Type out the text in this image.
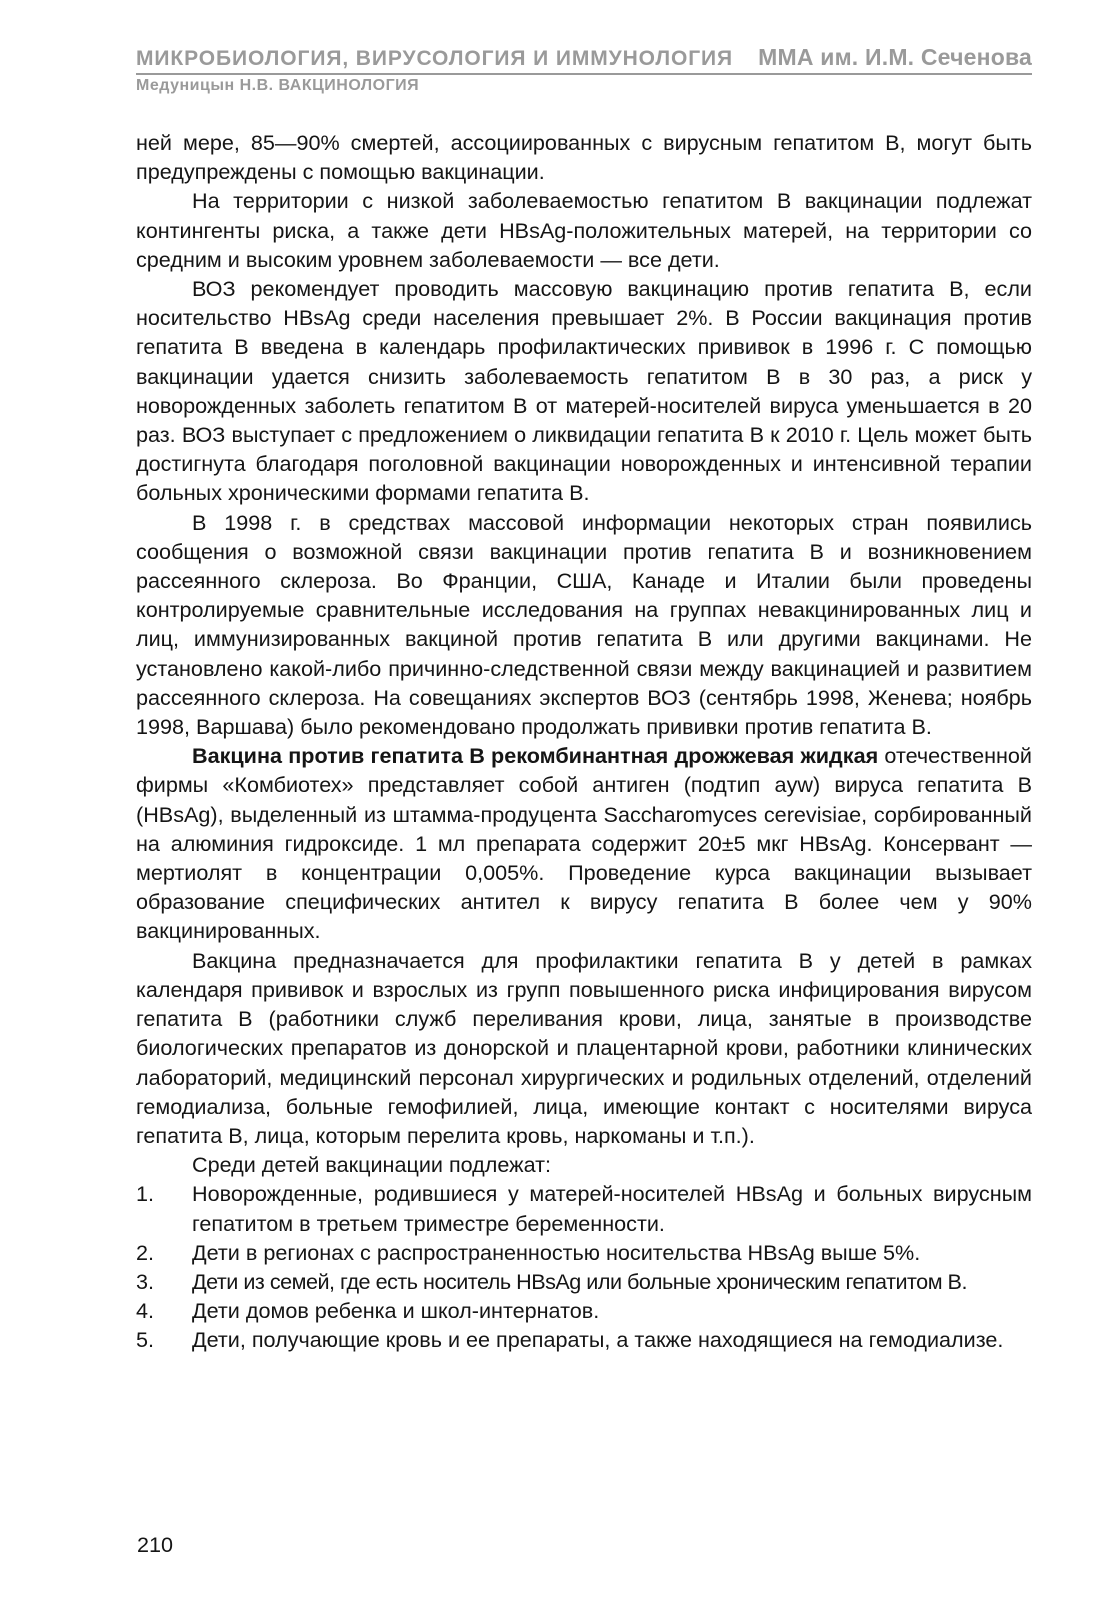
МИКРОБИОЛОГИЯ, ВИРУСОЛОГИЯ И ИММУНОЛОГИЯ ММА им. И.М. Сеченова
Медуницын Н.В. ВАКЦИНОЛОГИЯ

ней мере, 85—90% смертей, ассоциированных с вирусным гепатитом В, могут быть предупреждены с помощью вакцинации.

На территории с низкой заболеваемостью гепатитом В вакцинации подлежат контингенты риска, а также дети HBsAg-положительных матерей, на территории со средним и высоким уровнем заболеваемости — все дети.

ВОЗ рекомендует проводить массовую вакцинацию против гепатита В, если носительство HBsAg среди населения превышает 2%. В России вакцинация против гепатита В введена в календарь профилактических прививок в 1996 г. С помощью вакцинации удается снизить заболеваемость гепатитом В в 30 раз, а риск у новорожденных заболеть гепатитом В от матерей-носителей вируса уменьшается в 20 раз. ВОЗ выступает с предложением о ликвидации гепатита В к 2010 г. Цель может быть достигнута благодаря поголовной вакцинации новорожденных и интенсивной терапии больных хроническими формами гепатита В.

В 1998 г. в средствах массовой информации некоторых стран появились сообщения о возможной связи вакцинации против гепатита В и возникновением рассеянного склероза. Во Франции, США, Канаде и Италии были проведены контролируемые сравнительные исследования на группах невакцинированных лиц и лиц, иммунизированных вакциной против гепатита В или другими вакцинами. Не установлено какой-либо причинно-следственной связи между вакцинацией и развитием рассеянного склероза. На совещаниях экспертов ВОЗ (сентябрь 1998, Женева; ноябрь 1998, Варшава) было рекомендовано продолжать прививки против гепатита В.

Вакцина против гепатита В рекомбинантная дрожжевая жидкая отечественной фирмы «Комбиотех» представляет собой антиген (подтип ayw) вируса гепатита В (HBsAg), выделенный из штамма-продуцента Saccharomyces cerevisiae, сорбированный на алюминия гидроксиде. 1 мл препарата содержит 20±5 мкг HBsAg. Консервант — мертиолят в концентрации 0,005%. Проведение курса вакцинации вызывает образование специфических антител к вирусу гепатита В более чем у 90% вакцинированных.

Вакцина предназначается для профилактики гепатита В у детей в рамках календаря прививок и взрослых из групп повышенного риска инфицирования вирусом гепатита В (работники служб переливания крови, лица, занятые в производстве биологических препаратов из донорской и плацентарной крови, работники клинических лабораторий, медицинский персонал хирургических и родильных отделений, отделений гемодиализа, больные гемофилией, лица, имеющие контакт с носителями вируса гепатита В, лица, которым перелита кровь, наркоманы и т.п.).

Среди детей вакцинации подлежат:

1.	Новорожденные, родившиеся у матерей-носителей HBsAg и больных вирусным гепатитом в третьем триместре беременности.
2.	Дети в регионах с распространенностью носительства HBsAg выше 5%.
3.	Дети из семей, где есть носитель HBsAg или больные хроническим гепатитом В.
4.	Дети домов ребенка и школ-интернатов.
5.	Дети, получающие кровь и ее препараты, а также находящиеся на гемодиализе.
210
